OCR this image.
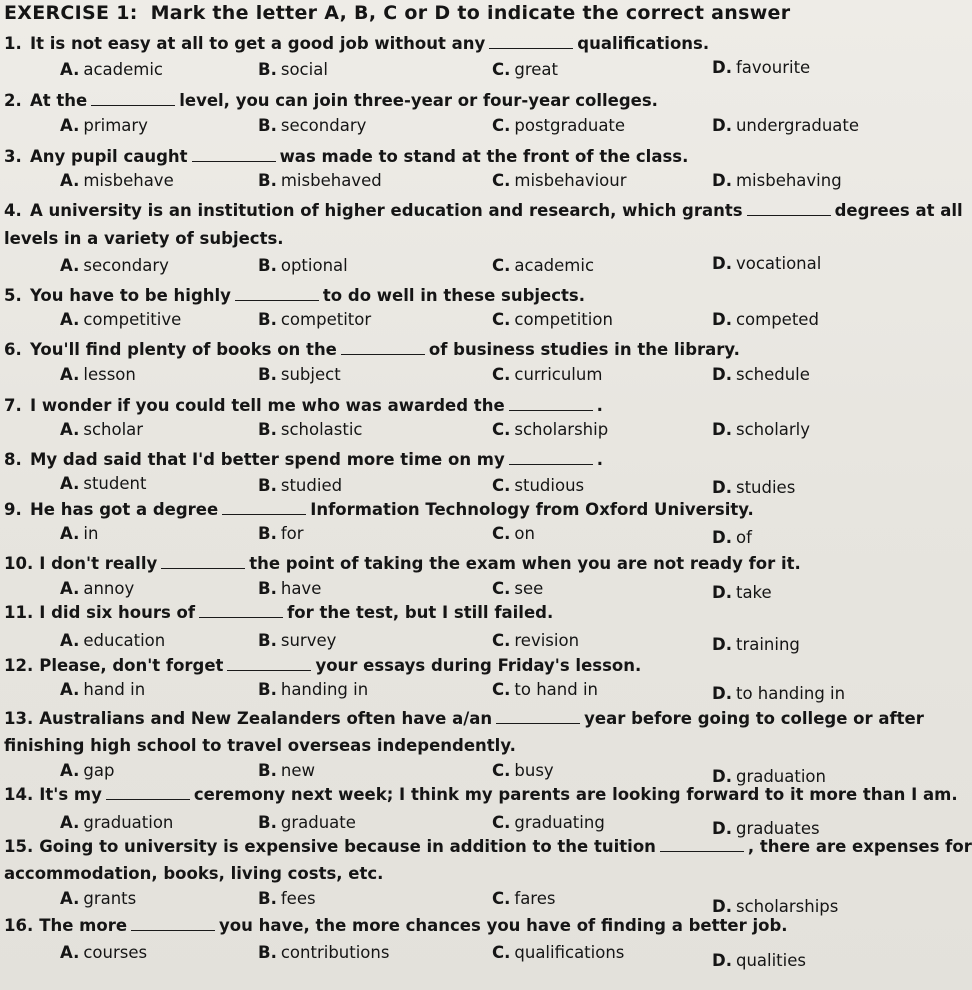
EXERCISE 1: Mark the letter A, B, C or D to indicate the correct answer
1. It is not easy at all to get a good job without any	qualifications.
A. academic	B. social	C. great	D. favourite
2. At the	level, you can join three-year or four-year colleges.
A. primary	B. secondary	C. postgraduate	D. undergraduate
3. Any pupil caught	was made to stand at the front of the class.
A. misbehave	B. misbehaved	C. misbehaviour	D. misbehaving
4. A university is an institution of higher education and research, which grants	degrees at all
levels in a variety of subjects.
A. secondary	B. optional	C. academic	D. vocational
5. You have to be highly	to do well in these subjects.
A. competitive	B. competitor	C. competition	D. competed
6. You'll find plenty of books on the	of business studies in the library.
A. lesson	B. subject	C. curriculum	D. schedule
7. I wonder if you could tell me who was awarded the	.
A. scholar	B. scholastic	C. scholarship	D. scholarly
8. My dad said that I'd better spend more time on my	.
A. student	B. studied	C. studious	D. studies
9. He has got a degree	Information Technology from Oxford University.
A. in	B. for	C. on	D. of
10. I don't really	the point of taking the exam when you are not ready for it.
A. annoy	B. have	C. see	D. take
11. I did six hours of	for the test, but I still failed.
A. education	B. survey	C. revision	D. training
12. Please, don't forget	your essays during Friday's lesson.
A. hand in	B. handing in	C. to hand in	D. to handing in
13. Australians and New Zealanders often have a/an	year before going to college or after
finishing high school to travel overseas independently.
A. gap	B. new	C. busy	D. graduation
14. It's my	ceremony next week; I think my parents are looking forward to it more than I am.
A. graduation	B. graduate	C. graduating	D. graduates
15. Going to university is expensive because in addition to the tuition	, there are expenses for
accommodation, books, living costs, etc.
A. grants	B. fees	C. fares	D. scholarships
16. The more	you have, the more chances you have of finding a better job.
A. courses	B. contributions	C. qualifications	D. qualities
